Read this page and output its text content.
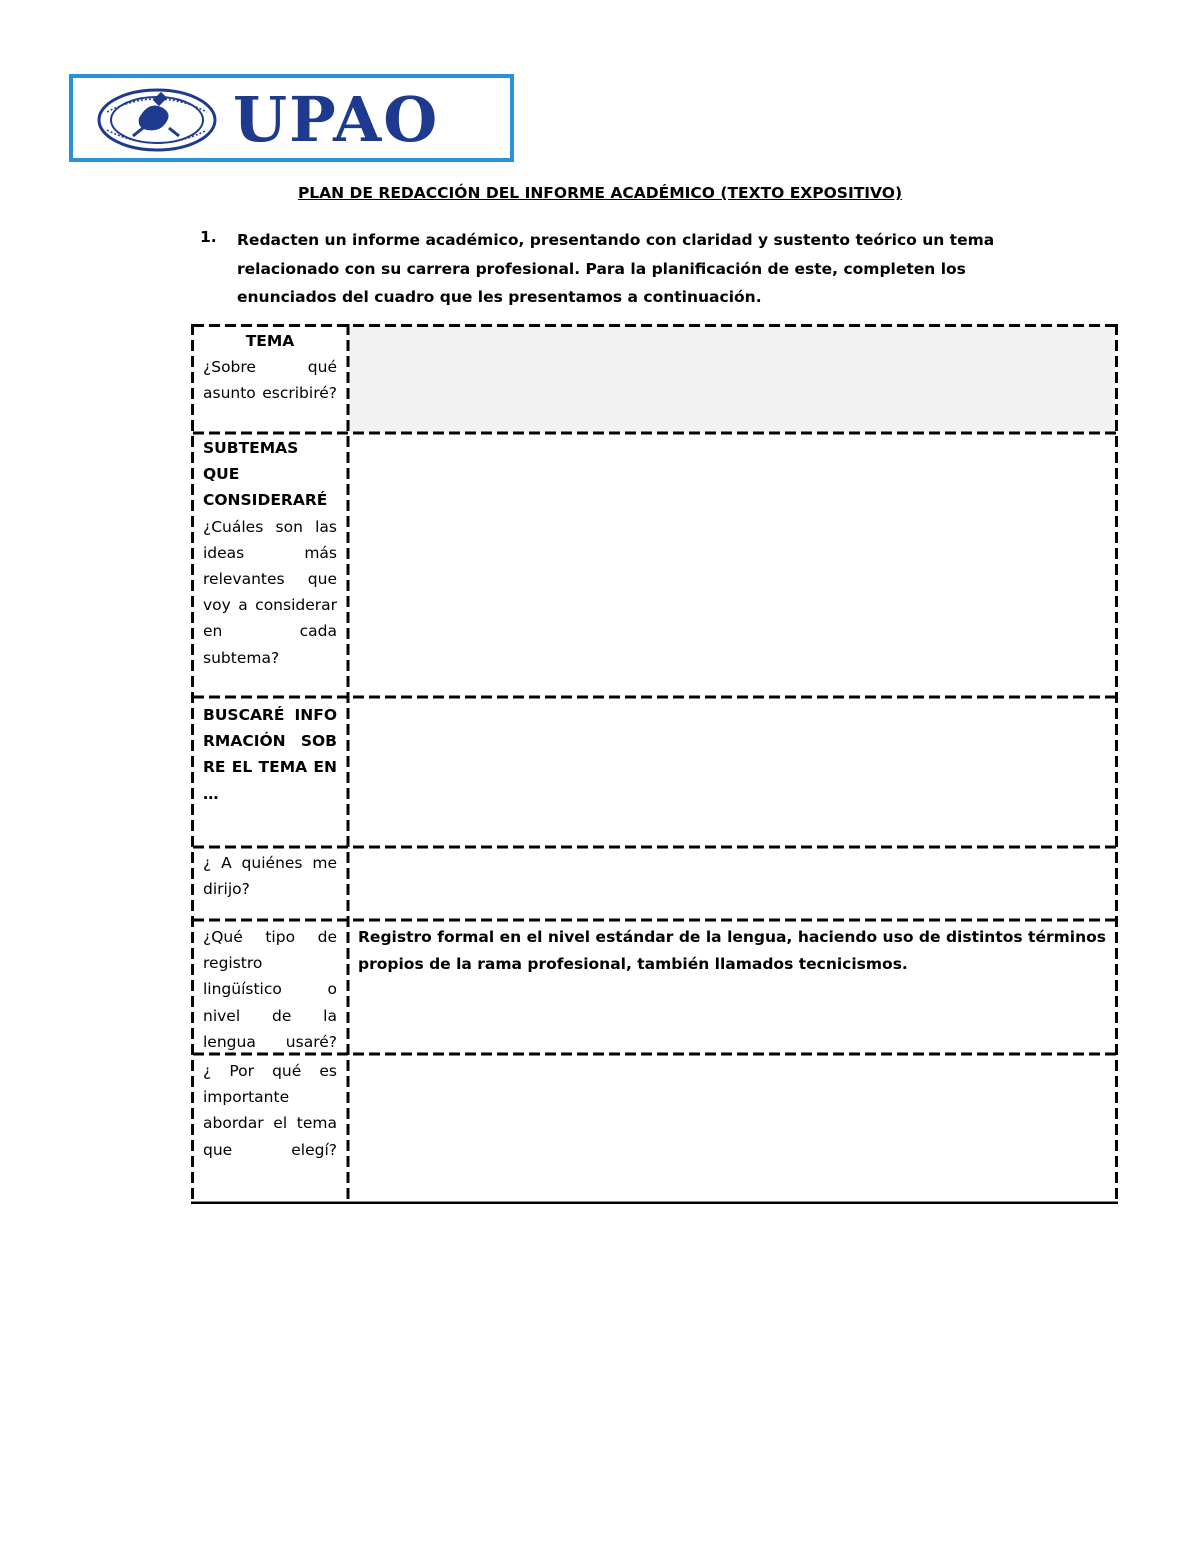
UPAO
PLAN DE REDACCIÓN DEL INFORME ACADÉMICO (TEXTO EXPOSITIVO)
1. Redacten un informe académico, presentando con claridad y sustento teórico un tema relacionado con su carrera profesional. Para la planificación de este, completen los enunciados del cuadro que les presentamos a continuación.
TEMA
¿Sobre qué asunto escribiré?
SUBTEMAS QUE CONSIDERARÉ
¿Cuáles son las ideas más relevantes que voy a considerar en cada subtema?
BUSCARÉ INFORMACIÓN SOBRE EL TEMA EN …
¿ A quiénes me dirijo?
¿Qué tipo de registro lingüístico o nivel de la lengua usaré?
Registro formal en el nivel estándar de la lengua, haciendo uso de distintos términos propios de la rama profesional, también llamados tecnicismos.
¿ Por qué es importante abordar el tema que elegí?
